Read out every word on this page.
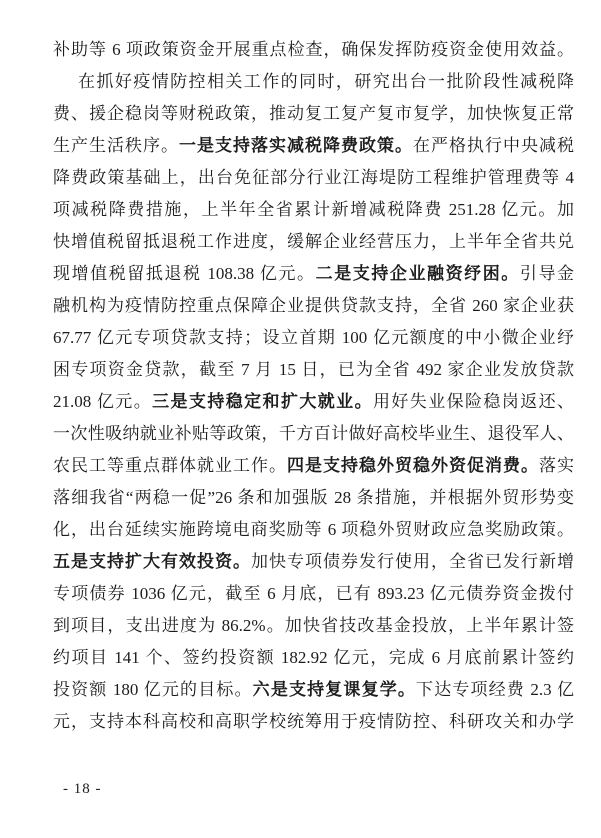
补助等 6 项政策资金开展重点检查，确保发挥防疫资金使用效益。
在抓好疫情防控相关工作的同时，研究出台一批阶段性减税降
费、援企稳岗等财税政策，推动复工复产复市复学，加快恢复正常
生产生活秩序。一是支持落实减税降费政策。在严格执行中央减税
降费政策基础上，出台免征部分行业江海堤防工程维护管理费等 4
项减税降费措施，上半年全省累计新增减税降费 251.28 亿元。加
快增值税留抵退税工作进度，缓解企业经营压力，上半年全省共兑
现增值税留抵退税 108.38 亿元。二是支持企业融资纾困。引导金
融机构为疫情防控重点保障企业提供贷款支持，全省 260 家企业获
67.77 亿元专项贷款支持；设立首期 100 亿元额度的中小微企业纾
困专项资金贷款，截至 7 月 15 日，已为全省 492 家企业发放贷款
21.08 亿元。三是支持稳定和扩大就业。用好失业保险稳岗返还、
一次性吸纳就业补贴等政策，千方百计做好高校毕业生、退役军人、
农民工等重点群体就业工作。四是支持稳外贸稳外资促消费。落实
落细我省“两稳一促”26 条和加强版 28 条措施，并根据外贸形势变
化，出台延续实施跨境电商奖励等 6 项稳外贸财政应急奖励政策。
五是支持扩大有效投资。加快专项债券发行使用，全省已发行新增
专项债券 1036 亿元，截至 6 月底，已有 893.23 亿元债券资金拨付
到项目，支出进度为 86.2%。加快省技改基金投放，上半年累计签
约项目 141 个、签约投资额 182.92 亿元，完成 6 月底前累计签约
投资额 180 亿元的目标。六是支持复课复学。下达专项经费 2.3 亿
元，支持本科高校和高职学校统筹用于疫情防控、科研攻关和办学
- 18 -
